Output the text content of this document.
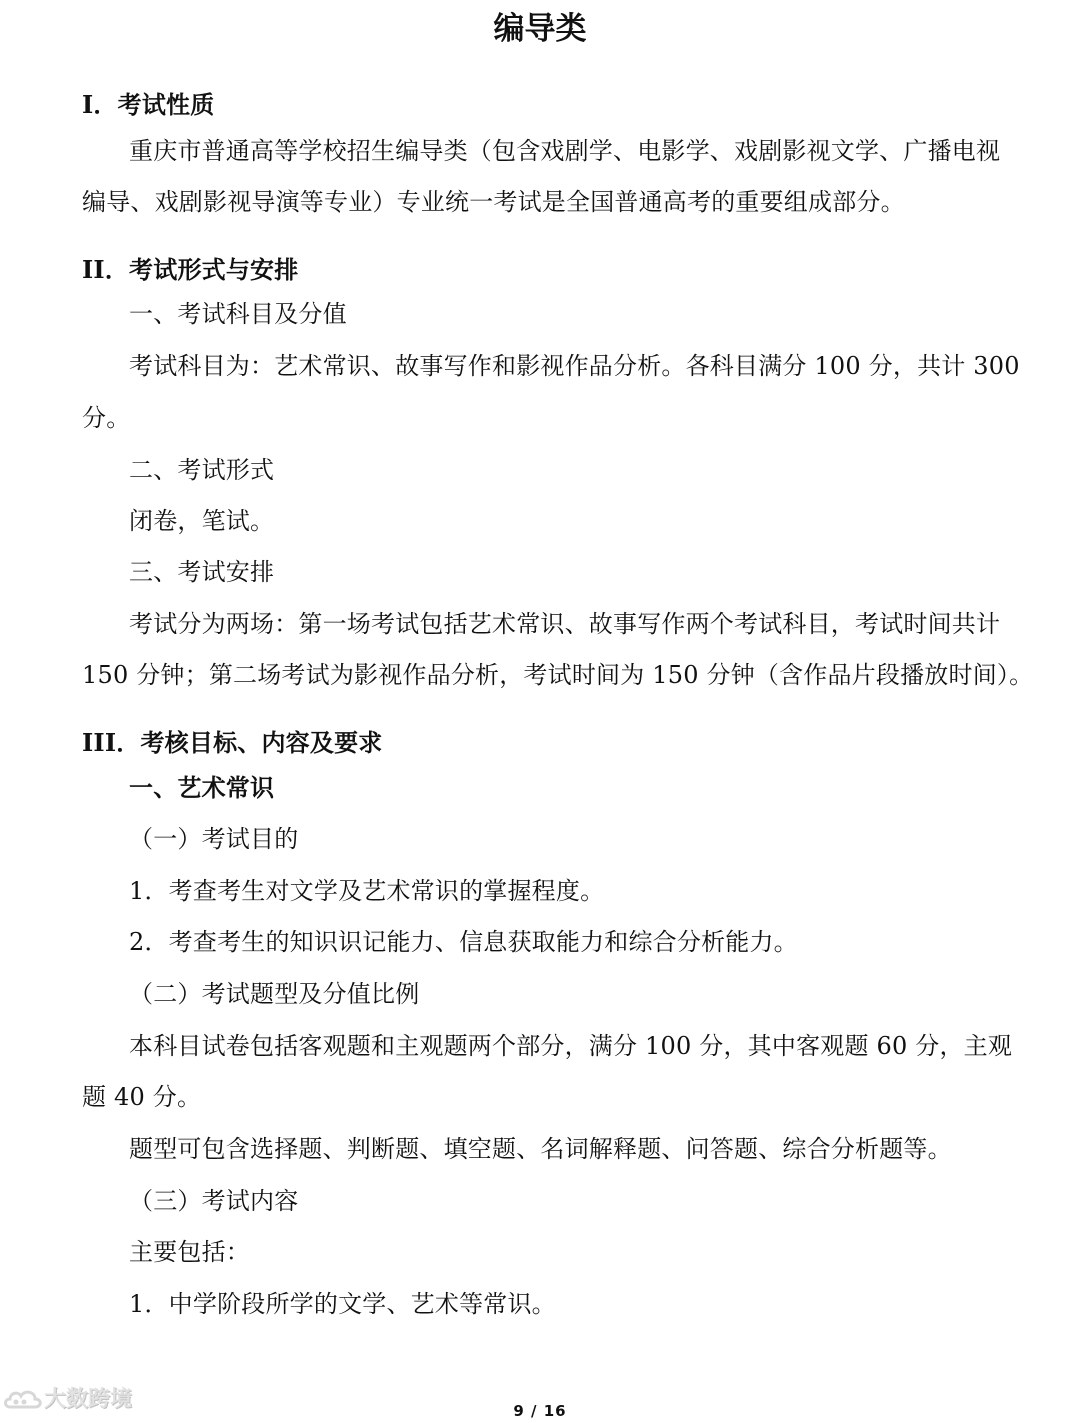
编导类
I．考试性质
重庆市普通高等学校招生编导类（包含戏剧学、电影学、戏剧影视文学、广播电视
编导、戏剧影视导演等专业）专业统一考试是全国普通高考的重要组成部分。
II．考试形式与安排
一、考试科目及分值
考试科目为：艺术常识、故事写作和影视作品分析。各科目满分 100 分，共计 300
分。
二、考试形式
闭卷，笔试。
三、考试安排
考试分为两场：第一场考试包括艺术常识、故事写作两个考试科目，考试时间共计
150 分钟；第二场考试为影视作品分析，考试时间为 150 分钟（含作品片段播放时间）。
III．考核目标、内容及要求
一、艺术常识
（一）考试目的
1．考查考生对文学及艺术常识的掌握程度。
2．考查考生的知识识记能力、信息获取能力和综合分析能力。
（二）考试题型及分值比例
本科目试卷包括客观题和主观题两个部分，满分 100 分，其中客观题 60 分，主观
题 40 分。
题型可包含选择题、判断题、填空题、名词解释题、问答题、综合分析题等。
（三）考试内容
主要包括：
1．中学阶段所学的文学、艺术等常识。
9 / 16
大数跨境
